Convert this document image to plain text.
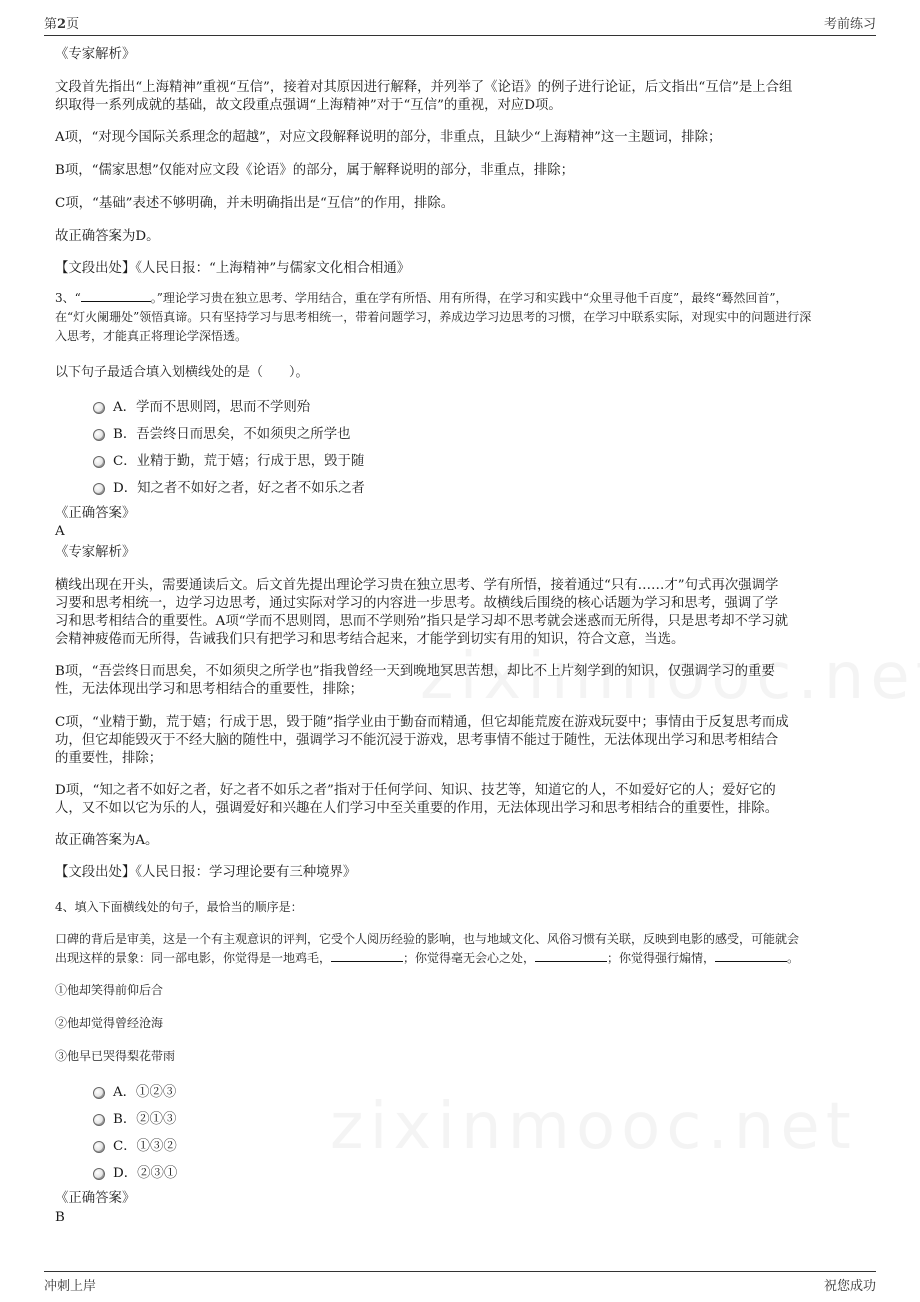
第2页	考前练习
《专家解析》
文段首先指出“上海精神”重视“互信”，接着对其原因进行解释，并列举了《论语》的例子进行论证，后文指出“互信”是上合组
织取得一系列成就的基础，故文段重点强调“上海精神”对于“互信”的重视，对应D项。
A项，“对现今国际关系理念的超越”，对应文段解释说明的部分，非重点，且缺少“上海精神”这一主题词，排除；
B项，“儒家思想”仅能对应文段《论语》的部分，属于解释说明的部分，非重点，排除；
C项，“基础”表述不够明确，并未明确指出是“互信”的作用，排除。
故正确答案为D。
【文段出处】《人民日报：“上海精神”与儒家文化相合相通》
3、“	。”理论学习贵在独立思考、学用结合，重在学有所悟、用有所得，在学习和实践中“众里寻他千百度”，最终“蓦然回首”，
在“灯火阑珊处”领悟真谛。只有坚持学习与思考相统一，带着问题学习，养成边学习边思考的习惯，在学习中联系实际，对现实中的问题进行深
入思考，才能真正将理论学深悟透。
以下句子最适合填入划横线处的是（　　）。
A．学而不思则罔，思而不学则殆
B．吾尝终日而思矣，不如须臾之所学也
C．业精于勤，荒于嬉；行成于思，毁于随
D．知之者不如好之者，好之者不如乐之者
《正确答案》
A
《专家解析》
横线出现在开头，需要通读后文。后文首先提出理论学习贵在独立思考、学有所悟，接着通过“只有……才”句式再次强调学
习要和思考相统一，边学习边思考，通过实际对学习的内容进一步思考。故横线后围绕的核心话题为学习和思考，强调了学
习和思考相结合的重要性。A项“学而不思则罔，思而不学则殆”指只是学习却不思考就会迷惑而无所得，只是思考却不学习就
会精神疲倦而无所得，告诫我们只有把学习和思考结合起来，才能学到切实有用的知识，符合文意，当选。
B项，“吾尝终日而思矣，不如须臾之所学也”指我曾经一天到晚地冥思苦想，却比不上片刻学到的知识，仅强调学习的重要
性，无法体现出学习和思考相结合的重要性，排除；
C项，“业精于勤，荒于嬉；行成于思，毁于随”指学业由于勤奋而精通，但它却能荒废在游戏玩耍中；事情由于反复思考而成
功，但它却能毁灭于不经大脑的随性中，强调学习不能沉浸于游戏，思考事情不能过于随性，无法体现出学习和思考相结合
的重要性，排除；
D项，“知之者不如好之者，好之者不如乐之者”指对于任何学问、知识、技艺等，知道它的人，不如爱好它的人；爱好它的
人，又不如以它为乐的人，强调爱好和兴趣在人们学习中至关重要的作用，无法体现出学习和思考相结合的重要性，排除。
故正确答案为A。
【文段出处】《人民日报：学习理论要有三种境界》
4、填入下面横线处的句子，最恰当的顺序是：
口碑的背后是审美，这是一个有主观意识的评判，它受个人阅历经验的影响，也与地域文化、风俗习惯有关联，反映到电影的感受，可能就会
出现这样的景象：同一部电影，你觉得是一地鸡毛，	；你觉得毫无会心之处，	；你觉得强行煽情，	。
①他却笑得前仰后合
②他却觉得曾经沧海
③他早已哭得梨花带雨
A．①②③
B．②①③
C．①③②
D．②③①
《正确答案》
B
冲刺上岸	祝您成功
